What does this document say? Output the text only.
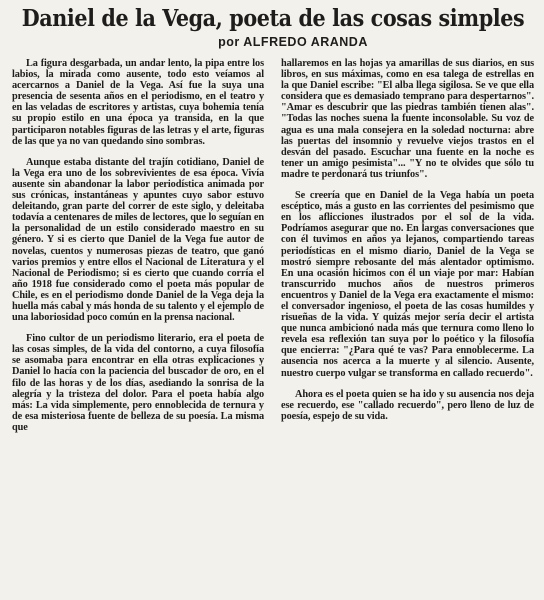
Daniel de la Vega, poeta de las cosas simples
por ALFREDO ARANDA

La figura desgarbada, un andar lento, la pipa entre los labios, la mirada como ausente, todo esto veíamos al acercarnos a Daniel de la Vega. Así fue la suya una presencia de sesenta años en el periodismo, en el teatro y en las veladas de escritores y artistas, cuya bohemia tenía su propio estilo en una época ya transida, en la que participaron notables figuras de las letras y el arte, figuras de las que ya no van quedando sino sombras.

Aunque estaba distante del trajín cotidiano, Daniel de la Vega era uno de los sobrevivientes de esa época. Vivía ausente sin abandonar la labor periodística animada por sus crónicas, instantáneas y apuntes cuyo sabor estuvo deleitando, gran parte del correr de este siglo, y deleitaba todavía a centenares de miles de lectores, que lo seguían en la personalidad de un estilo considerado maestro en su género. Y si es cierto que Daniel de la Vega fue autor de novelas, cuentos y numerosas piezas de teatro, que ganó varios premios y entre ellos el Nacional de Literatura y el Nacional de Periodismo; si es cierto que cuando corría el año 1918 fue considerado como el poeta más popular de Chile, es en el periodismo donde Daniel de la Vega deja la huella más cabal y más honda de su talento y el ejemplo de una laboriosidad poco común en la prensa nacional.

Fino cultor de un periodismo literario, era el poeta de las cosas simples, de la vida del contorno, a cuya filosofía se asomaba para encontrar en ella otras explicaciones y Daniel lo hacía con la paciencia del buscador de oro, en el filo de las horas y de los días, asediando la sonrisa de la alegría y la tristeza del dolor. Para el poeta había algo más: La vida simplemente, pero ennoblecida de ternura y de esa misteriosa fuente de belleza de su poesía. La misma que

hallaremos en las hojas ya amarillas de sus diarios, en sus libros, en sus máximas, como en esa talega de estrellas en la que Daniel escribe: "El alba llega sigilosa. Se ve que ella considera que es demasiado temprano para despertarnos". "Amar es descubrir que las piedras también tienen alas". "Todas las noches suena la fuente inconsolable. Su voz de agua es una mala consejera en la soledad nocturna: abre las puertas del insomnio y revuelve viejos trastos en el desván del pasado. Escuchar una fuente en la noche es tener un amigo pesimista"... "Y no te olvides que sólo tu madre te perdonará tus triunfos".

Se creería que en Daniel de la Vega había un poeta escéptico, más a gusto en las corrientes del pesimismo que en los aflicciones ilustrados por el sol de la vida. Podríamos asegurar que no. En largas conversaciones que con él tuvimos en años ya lejanos, compartiendo tareas periodísticas en el mismo diario, Daniel de la Vega se mostró siempre rebosante del más alentador optimismo. En una ocasión hicimos con él un viaje por mar: Habían transcurrido muchos años de nuestros primeros encuentros y Daniel de la Vega era exactamente el mismo: el conversador ingenioso, el poeta de las cosas humildes y risueñas de la vida. Y quizás mejor sería decir el artista que nunca ambicionó nada más que ternura como lleno lo revela esa reflexión tan suya por lo poético y la filosofía que encierra: "¿Para qué te vas? Para ennoblecerme. La ausencia nos acerca a la muerte y al silencio. Ausente, nuestro cuerpo vulgar se transforma en callado recuerdo".

Ahora es el poeta quien se ha ido y su ausencia nos deja ese recuerdo, ese "callado recuerdo", pero lleno de luz de poesía, espejo de su vida.
